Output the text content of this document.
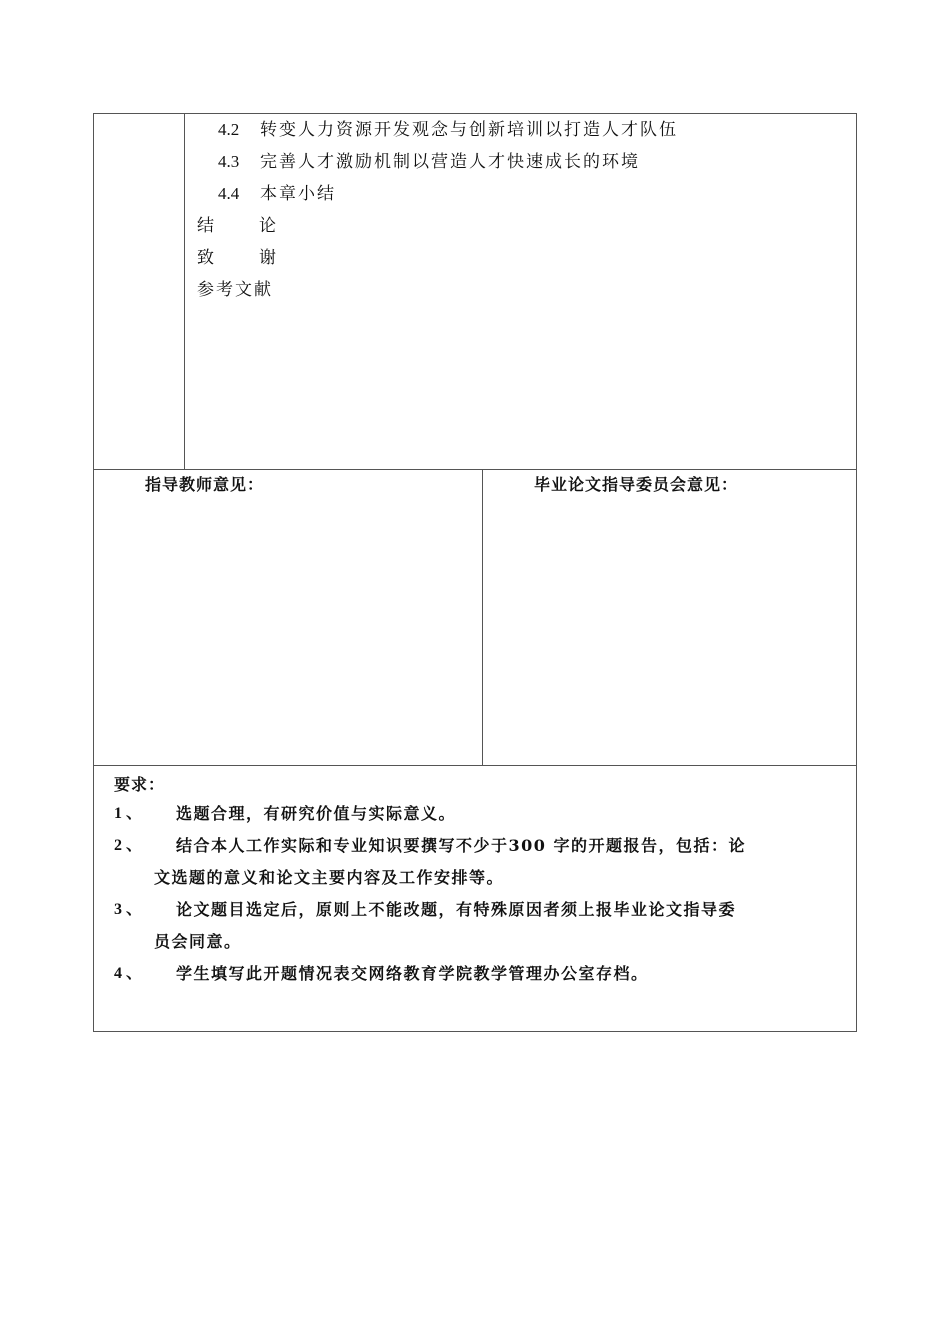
4.2 转变人力资源开发观念与创新培训以打造人才队伍
4.3 完善人才激励机制以营造人才快速成长的环境
4.4 本章小结
结	论
致	谢
参考文献
指导教师意见：	毕业论文指导委员会意见：
要求：
1 、	选题合理，有研究价值与实际意义。
2 、	结合本人工作实际和专业知识要撰写不少于300 字的开题报告，包括：论
文选题的意义和论文主要内容及工作安排等。
3 、	论文题目选定后，原则上不能改题，有特殊原因者须上报毕业论文指导委
员会同意。
4 、	学生填写此开题情况表交网络教育学院教学管理办公室存档。
